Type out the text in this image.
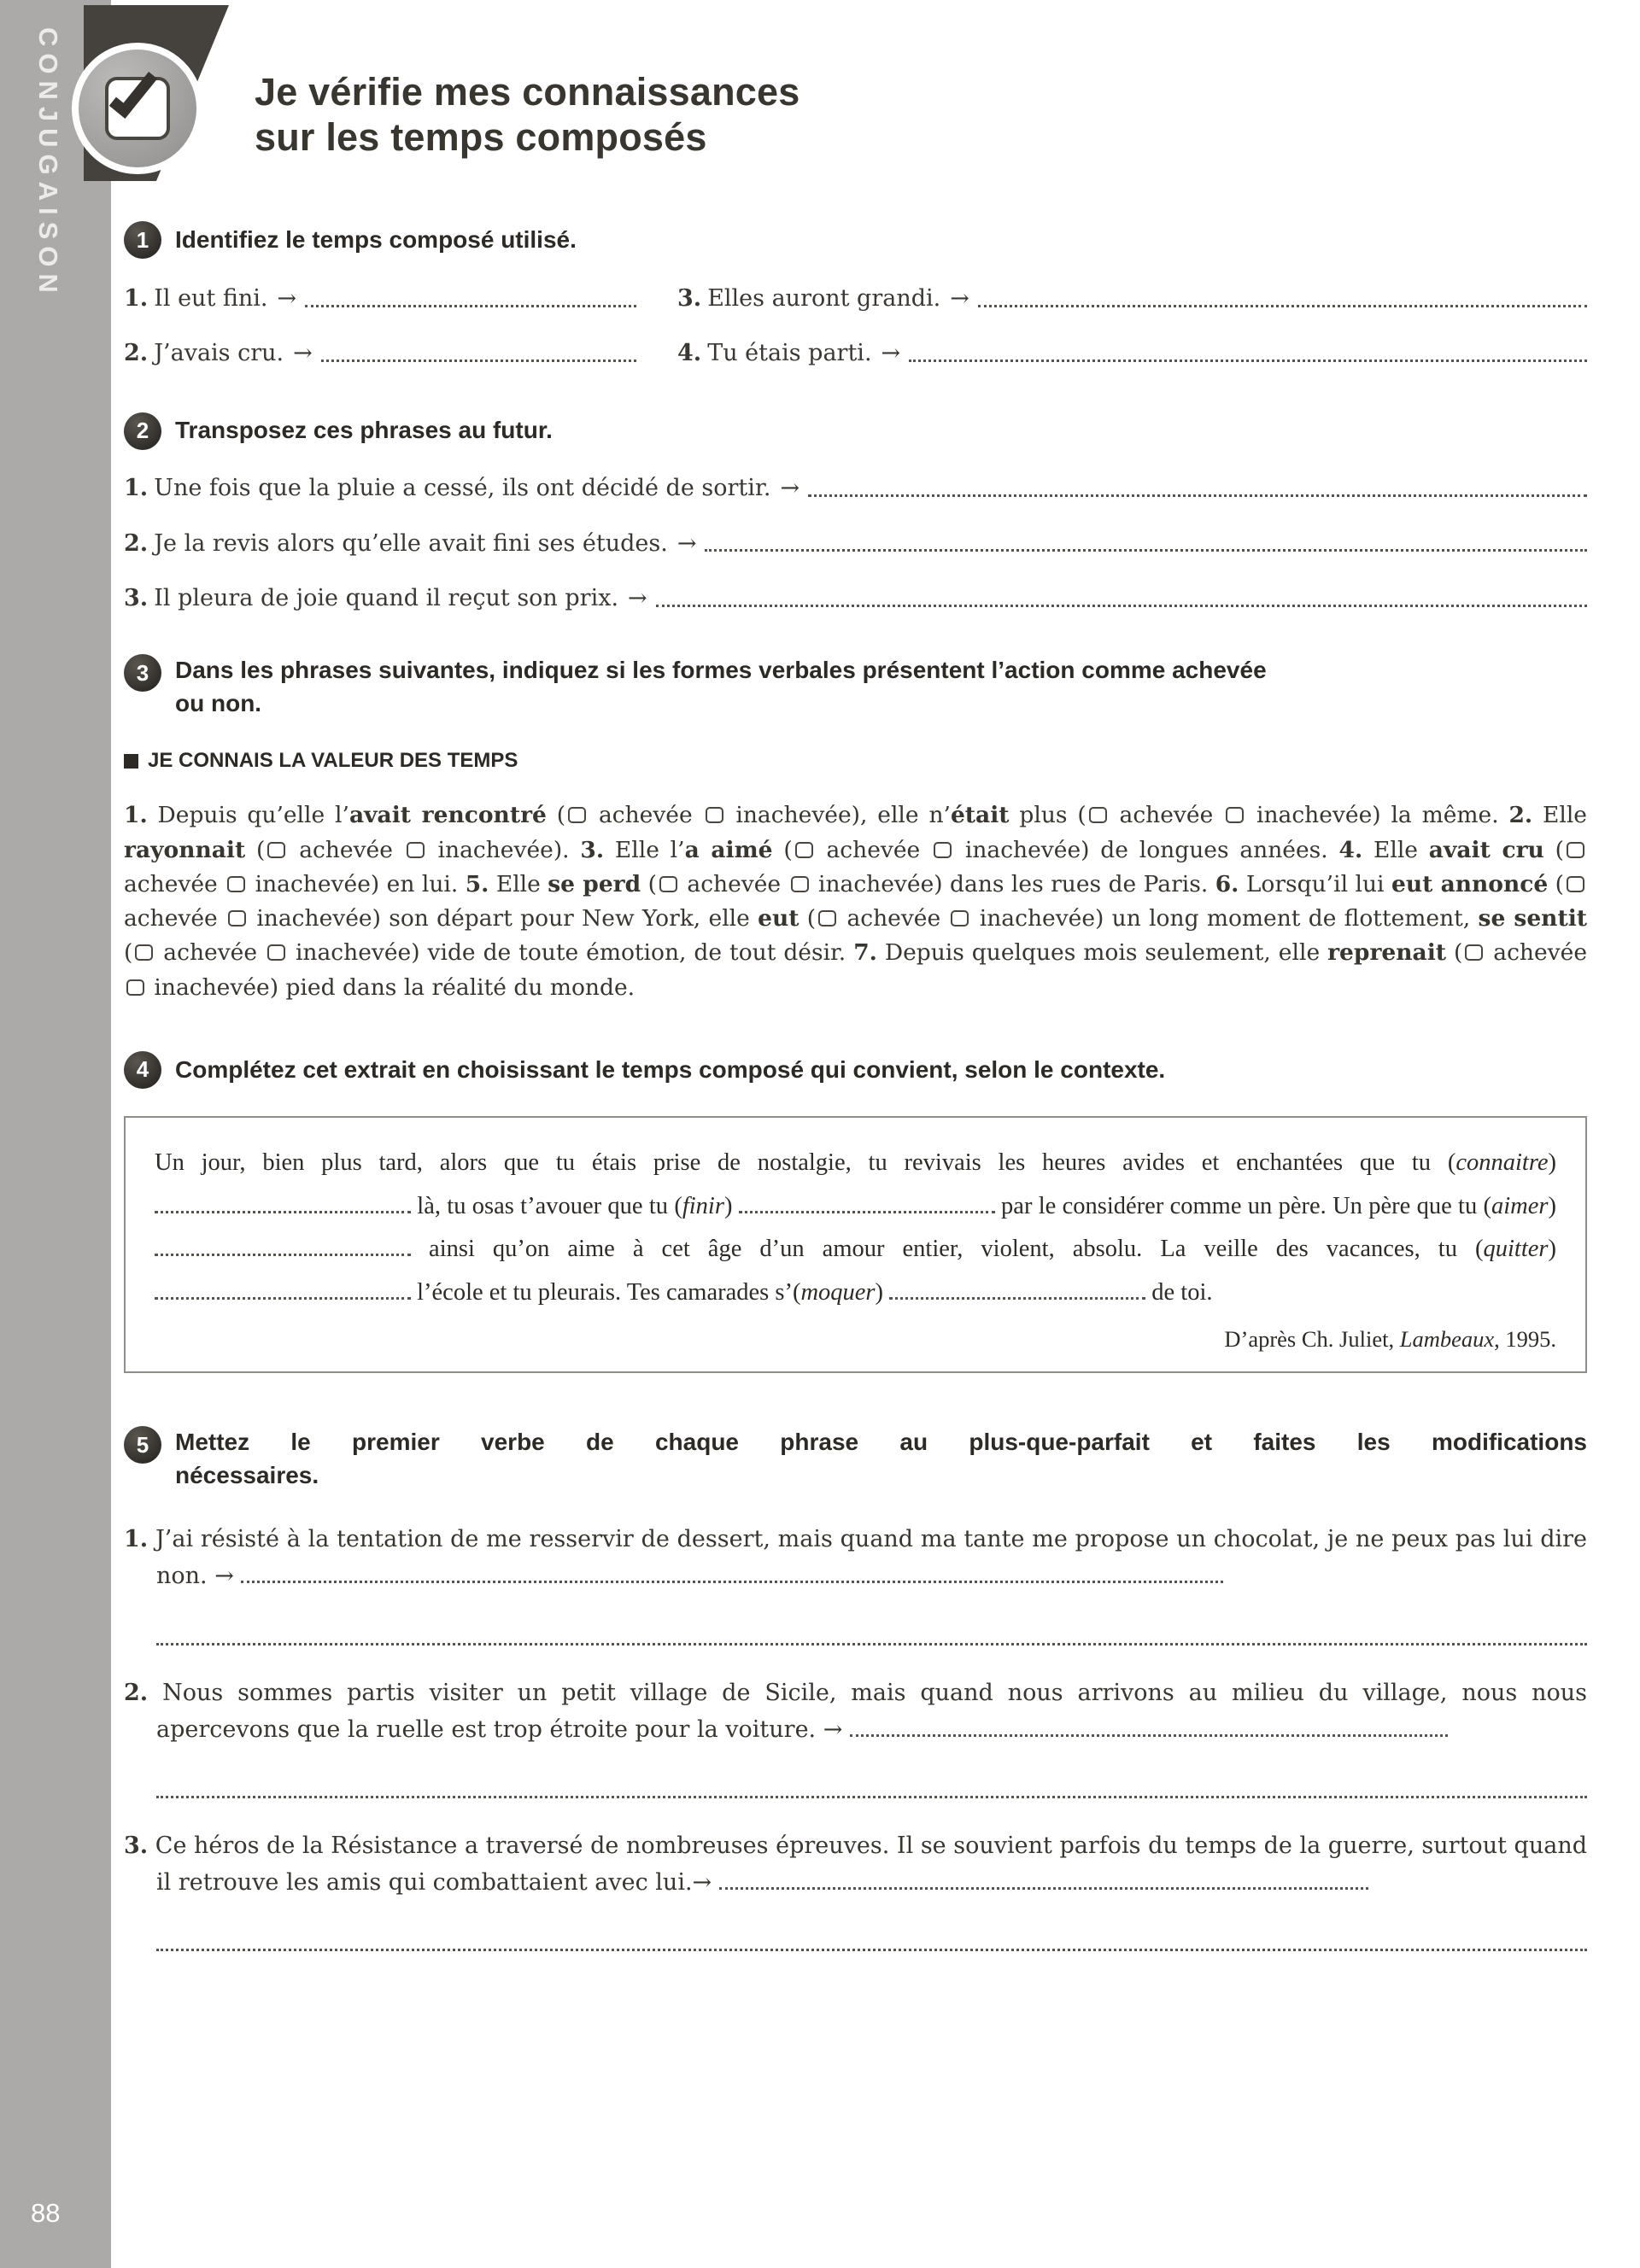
CONJUGAISON
88
Je vérifie mes connaissances
sur les temps composés
1	Identifiez le temps composé utilisé.
1. Il eut fini. →	3. Elles auront grandi. →
2. J’avais cru. →	4. Tu étais parti. →
2	Transposez ces phrases au futur.
1. Une fois que la pluie a cessé, ils ont décidé de sortir. →
2. Je la revis alors qu’elle avait fini ses études. →
3. Il pleura de joie quand il reçut son prix. →
3	Dans les phrases suivantes, indiquez si les formes verbales présentent l’action comme achevée
ou non.
JE CONNAIS LA VALEUR DES TEMPS

1. Depuis qu’elle l’avait rencontré ( achevée  inachevée), elle n’était plus ( achevée  inachevée) la même. 2. Elle rayonnait ( achevée  inachevée). 3. Elle l’a aimé ( achevée  inachevée) de longues années. 4. Elle avait cru ( achevée  inachevée) en lui. 5. Elle se perd ( achevée  inachevée) dans les rues de Paris. 6. Lorsqu’il lui eut annoncé ( achevée  inachevée) son départ pour New York, elle eut ( achevée  inachevée) un long moment de flottement, se sentit ( achevée  inachevée) vide de toute émotion, de tout désir. 7. Depuis quelques mois seulement, elle reprenait ( achevée  inachevée) pied dans la réalité du monde.

4	Complétez cet extrait en choisissant le temps composé qui convient, selon le contexte.

Un jour, bien plus tard, alors que tu étais prise de nostalgie, tu revivais les heures avides et enchantées que tu (connaitre)  là, tu osas t’avouer que tu (finir)	par le considérer comme un père. Un père que tu (aimer)  ainsi qu’on aime à cet âge d’un amour entier, violent, absolu. La veille des vacances, tu (quitter)  l’école et tu pleurais. Tes camarades s’(moquer)	de toi.

D’après Ch. Juliet, Lambeaux, 1995.

5	Mettez le premier verbe de chaque phrase au plus-que-parfait et faites les modifications
nécessaires.

1. J’ai résisté à la tentation de me resservir de dessert, mais quand ma tante me propose un chocolat, je ne peux pas lui dire non. →

2. Nous sommes partis visiter un petit village de Sicile, mais quand nous arrivons au milieu du village, nous nous apercevons que la ruelle est trop étroite pour la voiture. →

3. Ce héros de la Résistance a traversé de nombreuses épreuves. Il se souvient parfois du temps de la guerre, surtout quand il retrouve les amis qui combattaient avec lui.→
